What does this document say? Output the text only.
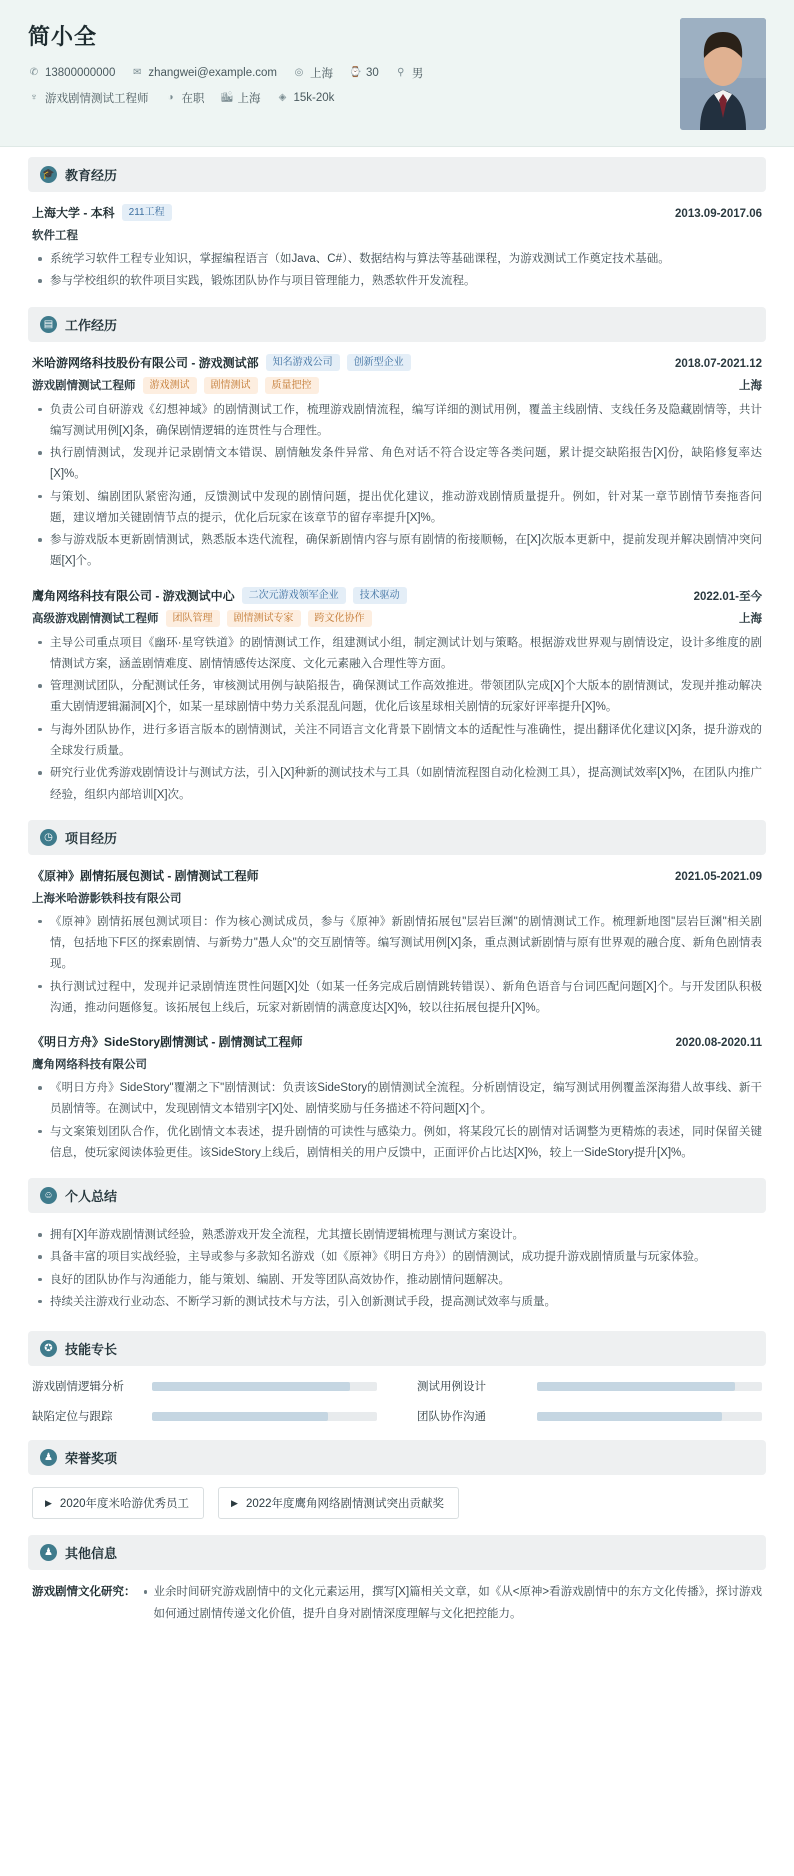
简小全
✆ 13800000000 ✉ zhangwei@example.com ◎ 上海 ⌚ 30 ⚲ 男
♆ 游戏剧情测试工程师 ◑ 在职 🏙 上海 ◈ 15k-20k
🎓 教育经历
上海大学 - 本科	211工程	2013.09-2017.06
软件工程
系统学习软件工程专业知识，掌握编程语言（如Java、C#）、数据结构与算法等基础课程，为游戏测试工作奠定技术基础。
参与学校组织的软件项目实践，锻炼团队协作与项目管理能力，熟悉软件开发流程。
▤ 工作经历
米哈游网络科技股份有限公司 - 游戏测试部	知名游戏公司	创新型企业	2018.07-2021.12
游戏剧情测试工程师	游戏测试	剧情测试	质量把控	上海
负责公司自研游戏《幻想神域》的剧情测试工作，梳理游戏剧情流程，编写详细的测试用例，覆盖主线剧情、支线任务及隐藏剧情等，共计编写测试用例[X]条，确保剧情逻辑的连贯性与合理性。
执行剧情测试，发现并记录剧情文本错误、剧情触发条件异常、角色对话不符合设定等各类问题，累计提交缺陷报告[X]份，缺陷修复率达[X]%。
与策划、编剧团队紧密沟通，反馈测试中发现的剧情问题，提出优化建议，推动游戏剧情质量提升。例如，针对某一章节剧情节奏拖沓问题，建议增加关键剧情节点的提示，优化后玩家在该章节的留存率提升[X]%。
参与游戏版本更新剧情测试，熟悉版本迭代流程，确保新剧情内容与原有剧情的衔接顺畅，在[X]次版本更新中，提前发现并解决剧情冲突问题[X]个。
鹰角网络科技有限公司 - 游戏测试中心	二次元游戏领军企业	技术驱动	2022.01-至今
高级游戏剧情测试工程师	团队管理	剧情测试专家	跨文化协作	上海
主导公司重点项目《幽环·星穹铁道》的剧情测试工作，组建测试小组，制定测试计划与策略。根据游戏世界观与剧情设定，设计多维度的剧情测试方案，涵盖剧情难度、剧情情感传达深度、文化元素融入合理性等方面。
管理测试团队，分配测试任务，审核测试用例与缺陷报告，确保测试工作高效推进。带领团队完成[X]个大版本的剧情测试，发现并推动解决重大剧情逻辑漏洞[X]个，如某一星球剧情中势力关系混乱问题，优化后该星球相关剧情的玩家好评率提升[X]%。
与海外团队协作，进行多语言版本的剧情测试，关注不同语言文化背景下剧情文本的适配性与准确性，提出翻译优化建议[X]条，提升游戏的全球发行质量。
研究行业优秀游戏剧情设计与测试方法，引入[X]种新的测试技术与工具（如剧情流程图自动化检测工具），提高测试效率[X]%，在团队内推广经验，组织内部培训[X]次。
◷ 项目经历
《原神》剧情拓展包测试 - 剧情测试工程师	2021.05-2021.09
上海米哈游影铁科技有限公司
《原神》剧情拓展包测试项目：作为核心测试成员，参与《原神》新剧情拓展包"层岩巨渊"的剧情测试工作。梳理新地图"层岩巨渊"相关剧情，包括地下F区的探索剧情、与新势力"愚人众"的交互剧情等。编写测试用例[X]条，重点测试新剧情与原有世界观的融合度、新角色剧情表现。
执行测试过程中，发现并记录剧情连贯性问题[X]处（如某一任务完成后剧情跳转错误）、新角色语音与台词匹配问题[X]个。与开发团队积极沟通，推动问题修复。该拓展包上线后，玩家对新剧情的满意度达[X]%，较以往拓展包提升[X]%。
《明日方舟》SideStory剧情测试 - 剧情测试工程师	2020.08-2020.11
鹰角网络科技有限公司
《明日方舟》SideStory"覆潮之下"剧情测试：负责该SideStory的剧情测试全流程。分析剧情设定，编写测试用例覆盖深海猎人故事线、新干员剧情等。在测试中，发现剧情文本错别字[X]处、剧情奖励与任务描述不符问题[X]个。
与文案策划团队合作，优化剧情文本表述，提升剧情的可读性与感染力。例如，将某段冗长的剧情对话调整为更精炼的表述，同时保留关键信息，使玩家阅读体验更佳。该SideStory上线后，剧情相关的用户反馈中，正面评价占比达[X]%，较上一SideStory提升[X]%。
☺ 个人总结
拥有[X]年游戏剧情测试经验，熟悉游戏开发全流程，尤其擅长剧情逻辑梳理与测试方案设计。
具备丰富的项目实战经验，主导或参与多款知名游戏（如《原神》《明日方舟》）的剧情测试，成功提升游戏剧情质量与玩家体验。
良好的团队协作与沟通能力，能与策划、编剧、开发等团队高效协作，推动剧情问题解决。
持续关注游戏行业动态、不断学习新的测试技术与方法，引入创新测试手段，提高测试效率与质量。
✪ 技能专长
游戏剧情逻辑分析	测试用例设计
缺陷定位与跟踪	团队协作沟通
♟ 荣誉奖项
▶ 2020年度米哈游优秀员工	▶ 2022年度鹰角网络剧情测试突出贡献奖
♟ 其他信息
游戏剧情文化研究：	业余时间研究游戏剧情中的文化元素运用，撰写[X]篇相关文章，如《从<原神>看游戏剧情中的东方文化传播》，探讨游戏如何通过剧情传递文化价值，提升自身对剧情深度理解与文化把控能力。
